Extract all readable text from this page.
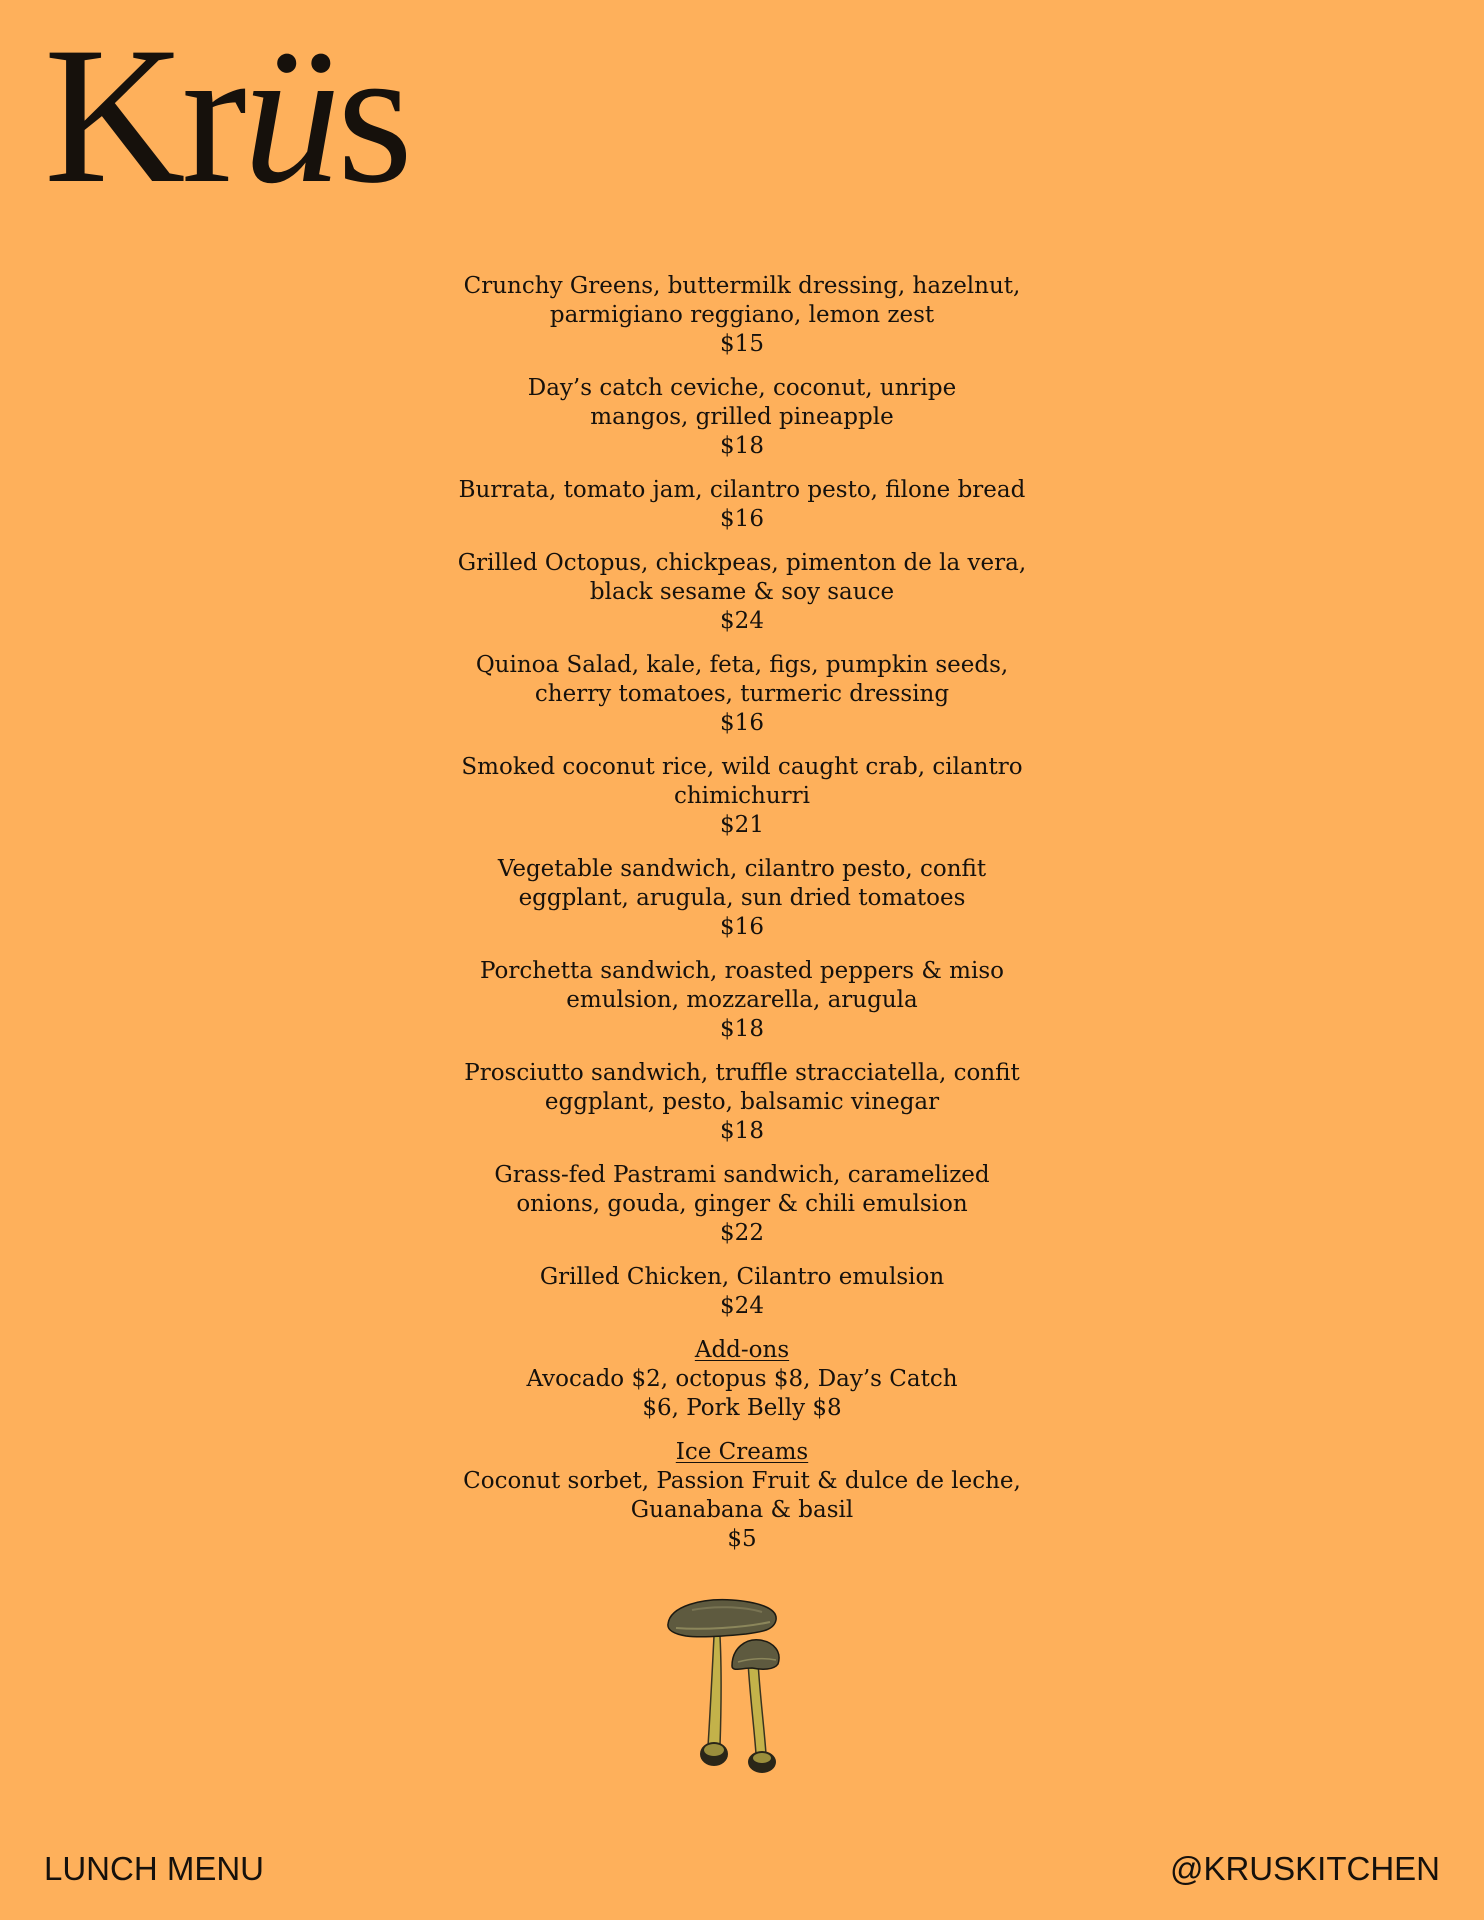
Krüs
Crunchy Greens, buttermilk dressing, hazelnut, parmigiano reggiano, lemon zest
$15
Day’s catch ceviche, coconut, unripe mangos, grilled pineapple
$18
Burrata, tomato jam, cilantro pesto, filone bread
$16
Grilled Octopus, chickpeas, pimenton de la vera, black sesame & soy sauce
$24
Quinoa Salad, kale, feta, figs, pumpkin seeds, cherry tomatoes, turmeric dressing
$16
Smoked coconut rice, wild caught crab, cilantro chimichurri
$21
Vegetable sandwich, cilantro pesto, confit eggplant, arugula, sun dried tomatoes
$16
Porchetta sandwich, roasted peppers & miso emulsion, mozzarella, arugula
$18
Prosciutto sandwich, truffle stracciatella, confit eggplant, pesto, balsamic vinegar
$18
Grass-fed Pastrami sandwich, caramelized onions, gouda, ginger & chili emulsion
$22
Grilled Chicken, Cilantro emulsion
$24
Add-ons
Avocado $2, octopus $8, Day’s Catch $6, Pork Belly $8
Ice Creams
Coconut sorbet, Passion Fruit & dulce de leche, Guanabana & basil
$5
LUNCH MENU	@KRUSKITCHEN
